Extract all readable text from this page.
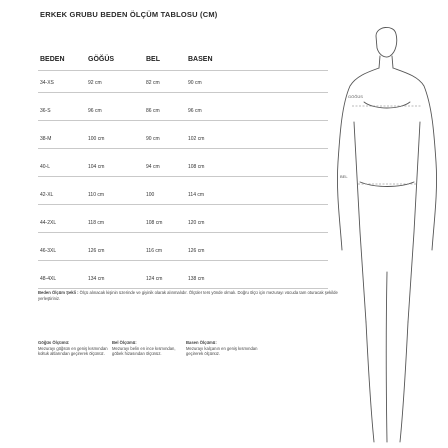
ERKEK GRUBU BEDEN ÖLÇÜM TABLOSU (CM)
BEDEN	GÖĞÜS	BEL	BASEN
34-XS	92 cm	82 cm	90 cm
36-S	96 cm	86 cm	96 cm
38-M	100 cm	90 cm	102 cm
40-L	104 cm	94 cm	108 cm
42-XL	110 cm	100	114 cm
44-2XL	118 cm	108 cm	120 cm
46-3XL	126 cm	116 cm	126 cm
48-4XL	134 cm	124 cm	138 cm
Beden Ölçüm Şekli : Ölçü alınacak kişinin üzerinde ve giyinik olarak alınmalıdır. Ölçüler ters yönde olmalı. Doğru ölçü için mezurayı vücuda tam oturacak şekilde yerleştiriniz.
Göğüs Ölçümü:
Mezurayı göğsün en geniş kısmından koltuk altlarından geçirerek ölçünüz.
Bel Ölçümü:
Mezurayı belin en ince kısmından, göbek hizasından ölçünüz.
Basen Ölçümü:
Mezurayı kalçanın en geniş kısmından geçirerek ölçünüz.
GÖĞÜS
BEL
